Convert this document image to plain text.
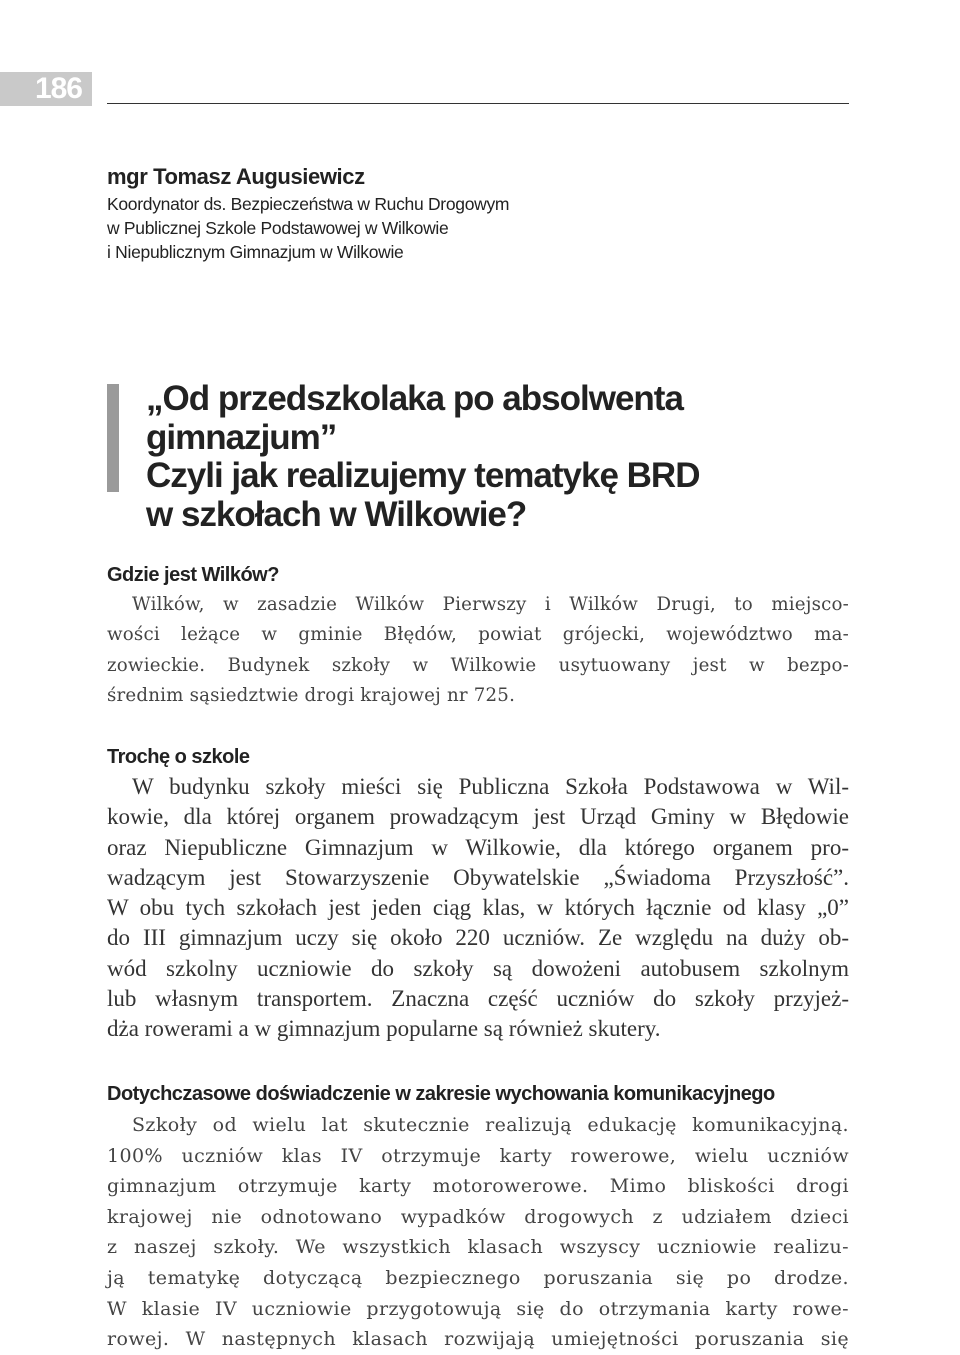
186
mgr Tomasz Augusiewicz
Koordynator ds. Bezpieczeństwa w Ruchu Drogowym
w Publicznej Szkole Podstawowej w Wilkowie
i Niepublicznym Gimnazjum w Wilkowie
„Od przedszkolaka po absolwenta gimnazjum”
Czyli jak realizujemy tematykę BRD
w szkołach w Wilkowie?
Gdzie jest Wilków?
Wilków, w zasadzie Wilków Pierwszy i Wilków Drugi, to miejsco-
wości leżące w gminie Błędów, powiat grójecki, województwo ma-
zowieckie. Budynek szkoły w Wilkowie usytuowany jest w bezpo-
średnim sąsiedztwie drogi krajowej nr 725.
Trochę o szkole
W budynku szkoły mieści się Publiczna Szkoła Podstawowa w Wil-
kowie, dla której organem prowadzącym jest Urząd Gminy w Błędowie
oraz Niepubliczne Gimnazjum w Wilkowie, dla którego organem pro-
wadzącym jest Stowarzyszenie Obywatelskie „Świadoma Przyszłość”.
W obu tych szkołach jest jeden ciąg klas, w których łącznie od klasy „0”
do III gimnazjum uczy się około 220 uczniów. Ze względu na duży ob-
wód szkolny uczniowie do szkoły są dowożeni autobusem szkolnym
lub własnym transportem. Znaczna część uczniów do szkoły przyjeż-
dża rowerami a w gimnazjum popularne są również skutery.
Dotychczasowe doświadczenie w zakresie wychowania komunikacyjnego
Szkoły od wielu lat skutecznie realizują edukację komunikacyjną.
100% uczniów klas IV otrzymuje karty rowerowe, wielu uczniów
gimnazjum otrzymuje karty motorowerowe. Mimo bliskości drogi
krajowej nie odnotowano wypadków drogowych z udziałem dzieci
z naszej szkoły. We wszystkich klasach wszyscy uczniowie realizu-
ją tematykę dotyczącą bezpiecznego poruszania się po drodze.
W klasie IV uczniowie przygotowują się do otrzymania karty rowe-
rowej. W następnych klasach rozwijają umiejętności poruszania się
